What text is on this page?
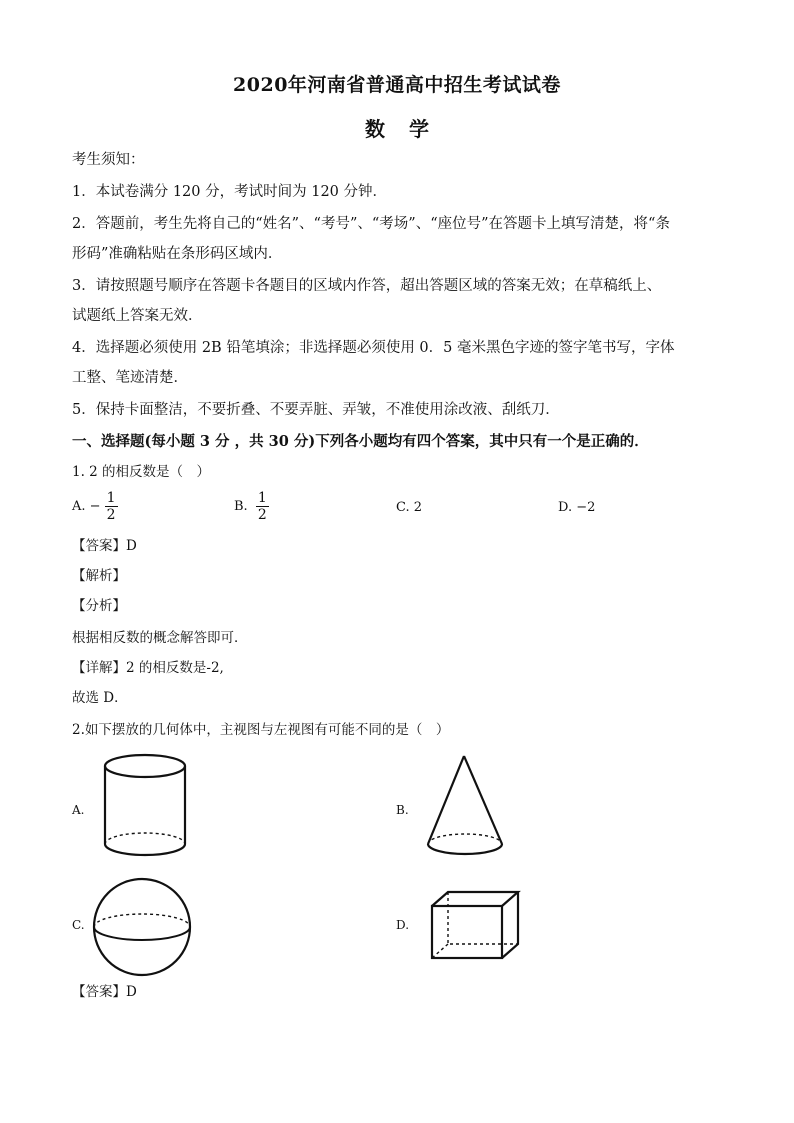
2020年河南省普通高中招生考试试卷
数 学
考生须知：
1．本试卷满分 120 分，考试时间为 120 分钟．
2．答题前，考生先将自己的“姓名”、“考号”、“考场”、“座位号”在答题卡上填写清楚，将“条
形码”准确粘贴在条形码区域内．
3．请按照题号顺序在答题卡各题目的区域内作答，超出答题区域的答案无效；在草稿纸上、
试题纸上答案无效．
4．选择题必须使用 2B 铅笔填涂；非选择题必须使用 0．5 毫米黑色字迹的签字笔书写，字体
工整、笔迹清楚．
5．保持卡面整洁，不要折叠、不要弄脏、弄皱，不准使用涂改液、刮纸刀．
一、选择题(每小题 3 分 ，共 30 分)下列各小题均有四个答案，其中只有一个是正确的．
1. 2 的相反数是（　）
A. − $\frac{1}{2}$	B. $\frac{1}{2}$	C. 2	D. −2
【答案】D
【解析】
【分析】
根据相反数的概念解答即可．
【详解】2 的相反数是-2,
故选 D．
2.如下摆放的几何体中，主视图与左视图有可能不同的是（　）
A.	B.
C.	D.
【答案】D
